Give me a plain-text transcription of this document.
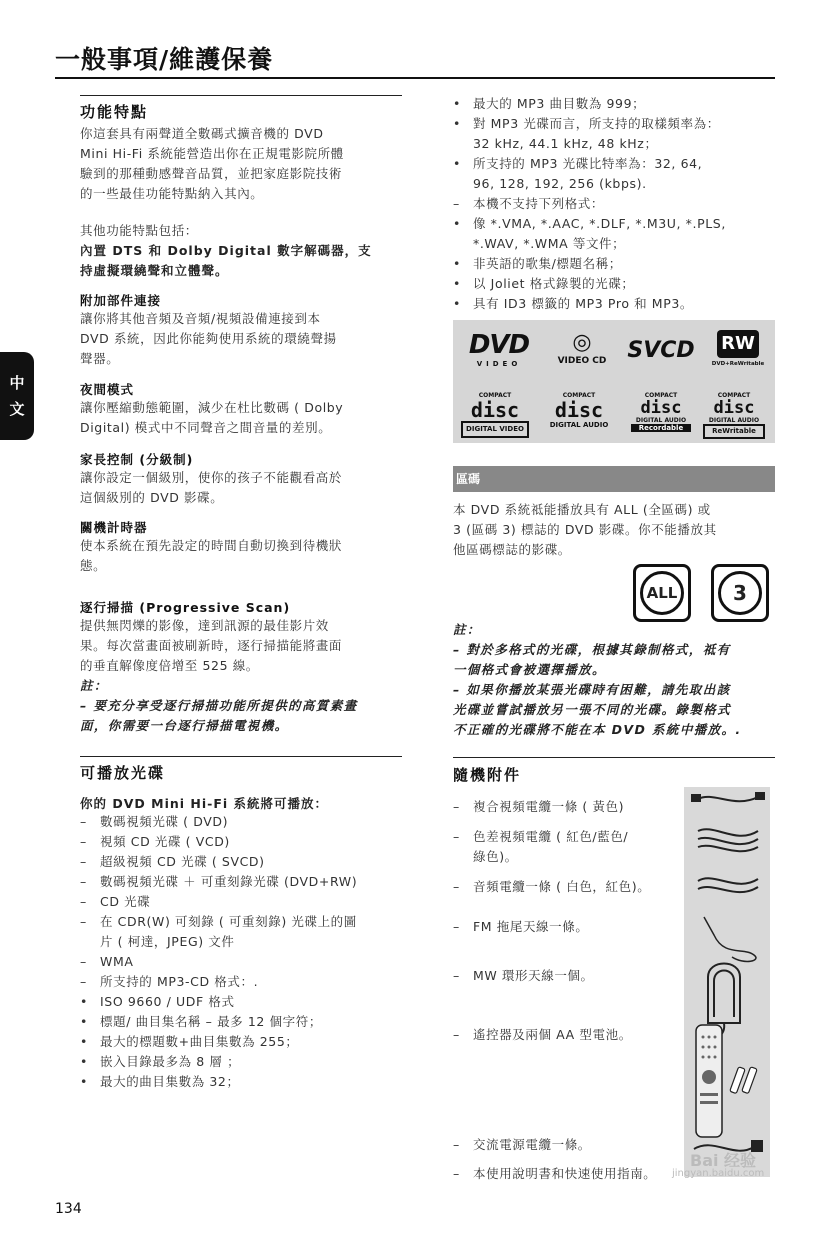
一般事項/維護保養
中
文
功能特點
你這套具有兩聲道全數碼式擴音機的 DVD
Mini Hi-Fi 系統能營造出你在正規電影院所體
驗到的那種動感聲音品質，並把家庭影院技術
的一些最佳功能特點納入其內。
其他功能特點包括：
內置 DTS 和 Dolby Digital 數字解碼器，支
持虛擬環繞聲和立體聲。
附加部件連接
讓你將其他音頻及音頻/視頻設備連接到本
DVD 系統，因此你能夠使用系統的環繞聲揚
聲器。
夜間模式
讓你壓縮動態範圍，減少在杜比數碼 ( Dolby
Digital) 模式中不同聲音之間音量的差別。
家長控制 (分級制)
讓你設定一個級別，使你的孩子不能觀看高於
這個級別的 DVD 影碟。
關機計時器
使本系統在預先設定的時間自動切換到待機狀
態。
逐行掃描 (Progressive Scan)
提供無閃爍的影像，達到訊源的最佳影片效
果。每次當畫面被刷新時，逐行掃描能將畫面
的垂直解像度倍增至 525 線。
註：
– 要充分享受逐行掃描功能所提供的高質素畫
面，你需要一台逐行掃描電視機。
可播放光碟
你的 DVD Mini Hi-Fi 系統將可播放：
– 數碼視頻光碟 ( DVD)
– 視頻 CD 光碟 ( VCD)
– 超級視頻 CD 光碟 ( SVCD)
– 數碼視頻光碟 ＋ 可重刻錄光碟 (DVD+RW)
– CD 光碟
– 在 CDR(W) 可刻錄 ( 可重刻錄) 光碟上的圖
片 ( 柯達，JPEG) 文件
– WMA
– 所支持的 MP3-CD 格式：.
• ISO 9660 / UDF 格式
• 標題/ 曲目集名稱 – 最多 12 個字符；
• 最大的標題數+曲目集數為 255；
• 嵌入目錄最多為 8 層 ；
• 最大的曲目集數為 32；
• 最大的 MP3 曲目數為 999；
• 對 MP3 光碟而言，所支持的取樣頻率為：
32 kHz, 44.1 kHz, 48 kHz；
• 所支持的 MP3 光碟比特率為：32, 64,
96, 128, 192, 256 (kbps).
– 本機不支持下列格式：
• 像 *.VMA, *.AAC, *.DLF, *.M3U, *.PLS,
*.WAV, *.WMA 等文件；
• 非英語的歌集/標題名稱；
• 以 Joliet 格式錄製的光碟；
• 具有 ID3 標籤的 MP3 Pro 和 MP3。
DVD
VIDEO
◎
VIDEO CD SVCD RW
DVD+ReWritable
COMPACT
disc
DIGITAL VIDEO
COMPACT
disc
DIGITAL AUDIO
COMPACT
disc
DIGITAL AUDIO
Recordable
COMPACT
disc
DIGITAL AUDIO
ReWritable
區碼
本 DVD 系統祗能播放具有 ALL (全區碼) 或
3 (區碼 3) 標誌的 DVD 影碟。你不能播放其
他區碼標誌的影碟。
ALL	3
註：
– 對於多格式的光碟，根據其錄制格式，祗有
一個格式會被選擇播放。
– 如果你播放某張光碟時有困難，請先取出該
光碟並嘗試播放另一張不同的光碟。錄製格式
不正確的光碟將不能在本 DVD 系統中播放。.
隨機附件
– 複合視頻電纜一條 ( 黃色)
– 色差視頻電纜 ( 紅色/藍色/
綠色)。
– 音頻電纜一條 ( 白色，紅色)。
– FM 拖尾天線一條。
– MW 環形天線一個。
– 遙控器及兩個 AA 型電池。
– 交流電源電纜一條。
– 本使用說明書和快速使用指南。
Bai 经验
jingyan.baidu.com
134
